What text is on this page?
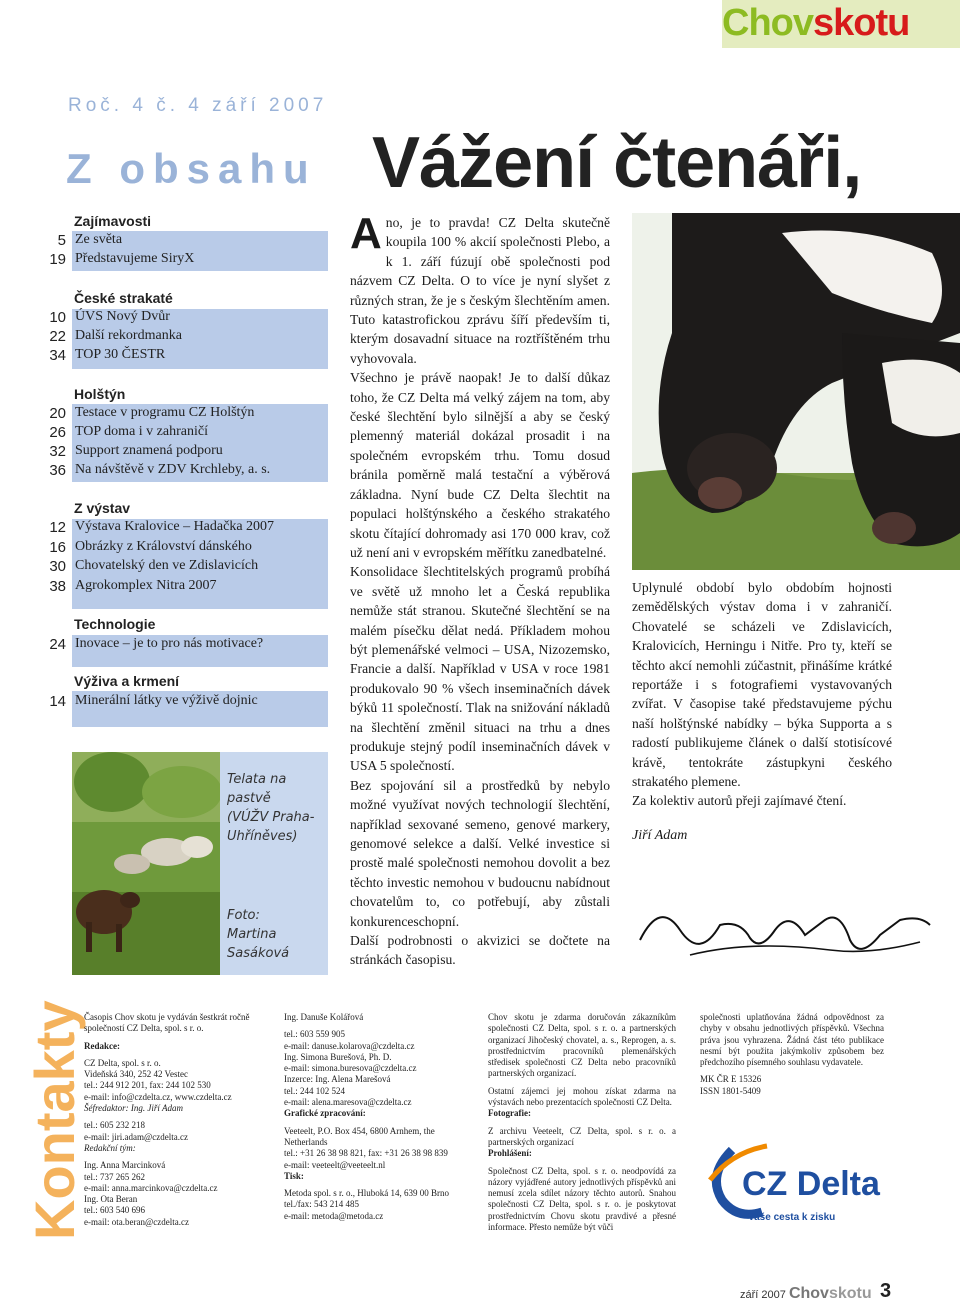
Chovskotu
Roč. 4 č. 4 září 2007
Z obsahu Vážení čtenáři,
Zajímavosti
5 Ze světa
19 Představujeme SiryX
České strakaté
10 ÚVS Nový Dvůr
22 Další rekordmanka
34 TOP 30 ČESTR
Holštýn
20 Testace v programu CZ Holštýn
26 TOP doma i v zahraničí
32 Support znamená podporu
36 Na návštěvě v ZDV Krchleby, a. s.
Z výstav
12 Výstava Kralovice – Hadačka 2007
16 Obrázky z Království dánského
30 Chovatelský den ve Zdislavicích
38 Agrokomplex Nitra 2007
Technologie
24 Inovace – je to pro nás motivace?
Výživa a krmení
14 Minerální látky ve výživě dojnic
Telata na
pastvě
(VÚŽV Praha-
Uhříněves)
Foto:
Martina
Sasáková
A no, je to pravda! CZ Delta skutečně koupila 100 % akcií společnosti Plebo, a k 1. září fúzují obě společnosti pod názvem CZ Delta. O to více je nyní slyšet z různých stran, že je s českým šlechtěním amen. Tuto katastrofickou zprávu šíří především ti, kterým dosavadní situace na roztříštěném trhu vyhovovala.
Všechno je právě naopak! Je to další důkaz toho, že CZ Delta má velký zájem na tom, aby české šlechtění bylo silnější a aby se český plemenný materiál dokázal prosadit i na společném evropském trhu. Tomu dosud bránila poměrně malá testační a výběrová základna. Nyní bude CZ Delta šlechtit na populaci holštýnského a českého strakatého skotu čítající dohromady asi 170 000 krav, což už není ani v evropském měřítku zanedbatelné.
Konsolidace šlechtitelských programů probíhá ve světě už mnoho let a Česká republika nemůže stát stranou. Skutečné šlechtění se na malém písečku dělat nedá. Příkladem mohou být plemenářské velmoci – USA, Nizozemsko, Francie a další. Například v USA v roce 1981 produkovalo 90 % všech inseminačních dávek býků 11 společností. Tlak na snižování nákladů na šlechtění změnil situaci na trhu a dnes produkuje stejný podíl inseminačních dávek v USA 5 společností.
Bez spojování sil a prostředků by nebylo možné využívat nových technologií šlechtění, například sexované semeno, genové markery, genomové selekce a další. Velké investice si prostě malé společnosti nemohou dovolit a bez těchto investic nemohou v budoucnu nabídnout chovatelům to, co potřebují, aby zůstali konkurenceschopní.
Další podrobnosti o akvizici se dočtete na stránkách časopisu.
Uplynulé období bylo obdobím hojnosti zemědělských výstav doma i v zahraničí. Chovatelé se scházeli ve Zdislavicích, Kralovicích, Herningu i Nitře. Pro ty, kteří se těchto akcí nemohli zúčastnit, přinášíme krátké reportáže i s fotografiemi vystavovaných zvířat. V časopise také představujeme pýchu naší holštýnské nabídky – býka Supporta a s radostí publikujeme článek o další stotisícové krávě, tentokráte zástupkyni českého strakatého plemene.
Za kolektiv autorů přeji zajímavé čtení.
Jiří Adam
Kontakty

Časopis Chov skotu je vydáván šestkrát ročně společností CZ Delta, spol. s r. o.

Redakce:

CZ Delta, spol. s r. o.

Videňská 340, 252 42 Vestec

tel.: 244 912 201, fax: 244 102 530

e-mail: info@czdelta.cz, www.czdelta.cz

Šéfredaktor: Ing. Jiří Adam

tel.: 605 232 218

e-mail: jiri.adam@czdelta.cz

Redakční tým:

Ing. Anna Marcinková

tel.: 737 265 262

e-mail: anna.marcinkova@czdelta.cz

Ing. Ota Beran

tel.: 603 540 696

e-mail: ota.beran@czdelta.cz

Ing. Danuše Kolářová

tel.: 603 559 905

e-mail: danuse.kolarova@czdelta.cz

Ing. Simona Burešová, Ph. D.

e-mail: simona.buresova@czdelta.cz

Inzerce: Ing. Alena Marešová

tel.: 244 102 524

e-mail: alena.maresova@czdelta.cz

Grafické zpracování:

Veeteelt, P.O. Box 454, 6800 Arnhem, the Netherlands

tel.: +31 26 38 98 821, fax: +31 26 38 98 839

e-mail: veeteelt@veeteelt.nl

Tisk:

Metoda spol. s r. o., Hluboká 14, 639 00 Brno

tel./fax: 543 214 485

e-mail: metoda@metoda.cz

Chov skotu je zdarma doručován zákazníkům společnosti CZ Delta, spol. s r. o. a partnerských organizací Jihočeský chovatel, a. s., Reprogen, a. s. prostřednictvím pracovníků plemenářských středisek společnosti CZ Delta nebo pracovníků partnerských organizací.

Ostatní zájemci jej mohou získat zdarma na výstavách nebo prezentacích společnosti CZ Delta.

Fotografie:

Z archivu Veeteelt, CZ Delta, spol. s r. o. a partnerských organizací

Prohlášení:

Společnost CZ Delta, spol. s r. o. neodpovídá za názory vyjádřené autory jednotlivých příspěvků ani nemusí zcela sdílet názory těchto autorů. Snahou společnosti CZ Delta, spol. s r. o. je poskytovat prostřednictvím Chovu skotu pravdivé a přesné informace. Přesto nemůže být vůči

společnosti uplatňována žádná odpovědnost za chyby v obsahu jednotlivých příspěvků. Všechna práva jsou vyhrazena. Žádná část této publikace nesmí být použita jakýmkoliv způsobem bez předchozího písemného souhlasu vydavatele.

MK ČR E 15326

ISSN 1801-5409

CZ Delta
Vaše cesta k zisku
září 2007 Chovskotu 3
